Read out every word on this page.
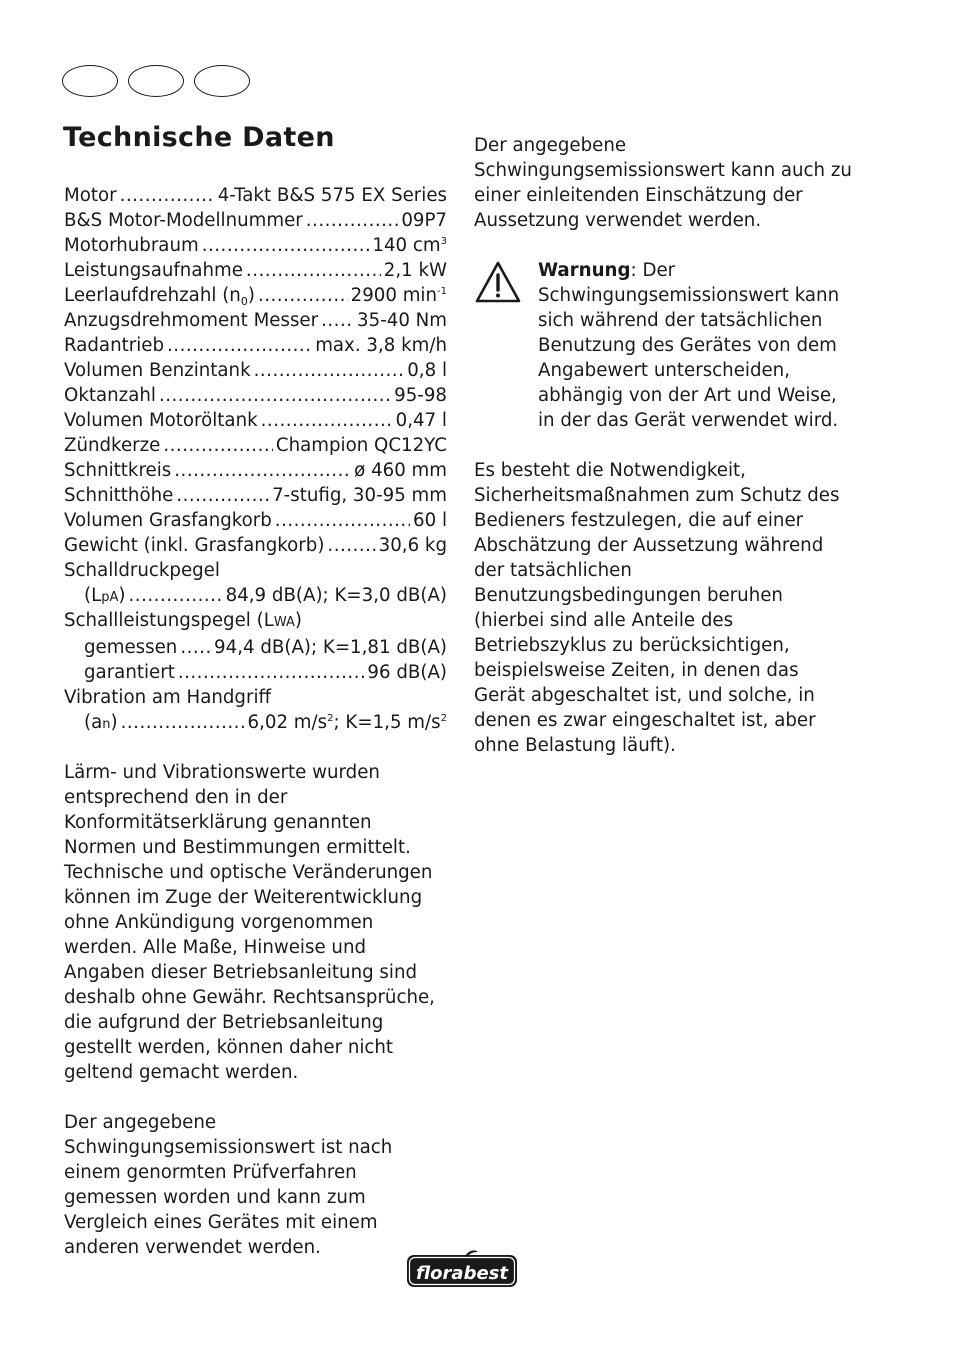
Technische Daten
Motor .....	4-Takt B&S 575 EX Series
B&S Motor-Modellnummer .....	09P7
Motorhubraum .....	140 $cm^3$
Leistungsaufnahme .....	2,1 kW
Leerlaufdrehzahl $(n_0)$ .....	2900 $\min^{-1}$
Anzugsdrehmoment Messer ..... 35-40 Nm
Radantrieb .....	max. 3,8 km/h
Volumen Benzintank .....	0,8 l
Oktanzahl .....	95-98
Volumen Motoröltank .....	0,47 l
Zündkerze .....	Champion QC12YC
Schnittkreis .....	ø 460 mm
Schnitthöhe .....	7-stufig, 30-95 mm
Volumen Grasfangkorb .....	60 l
Gewicht (inkl. Grasfangkorb) .....	30,6 kg
Schalldruckpegel
(LpA) .....	84,9 dB(A); K=3,0 dB(A)
Schallleistungspegel (LWA)
gemessen ..... 94,4 dB(A); K=1,81 dB(A)
garantiert .....	96 dB(A)
Vibration am Handgriff
(an) .....	6,02 $m/s^2$; K=1,5 $m/s^2$

Lärm- und Vibrationswerte wurden entsprechend den in der Konformitätserklärung genannten Normen und Bestimmungen ermittelt.

Technische und optische Veränderungen können im Zuge der Weiterentwicklung ohne Ankündigung vorgenommen werden. Alle Maße, Hinweise und Angaben dieser Betriebsanleitung sind deshalb ohne Gewähr. Rechtsansprüche, die aufgrund der Betriebsanleitung gestellt werden, können daher nicht geltend gemacht werden.

Der angegebene Schwingungsemissionswert ist nach einem genormten Prüfverfahren gemessen worden und kann zum Vergleich eines Gerätes mit einem anderen verwendet werden.

Der angegebene Schwingungsemissionswert kann auch zu einer einleitenden Einschätzung der Aussetzung verwendet werden.

Warnung: Der Schwingungsemissionswert kann sich während der tatsächlichen Benutzung des Gerätes von dem Angabewert unterscheiden, abhängig von der Art und Weise, in der das Gerät verwendet wird.

Es besteht die Notwendigkeit, Sicherheitsmaßnahmen zum Schutz des Bedieners festzulegen, die auf einer Abschätzung der Aussetzung während der tatsächlichen Benutzungsbedingungen beruhen (hierbei sind alle Anteile des Betriebszyklus zu berücksichtigen, beispielsweise Zeiten, in denen das Gerät abgeschaltet ist, und solche, in denen es zwar eingeschaltet ist, aber ohne Belastung läuft).

florabest
